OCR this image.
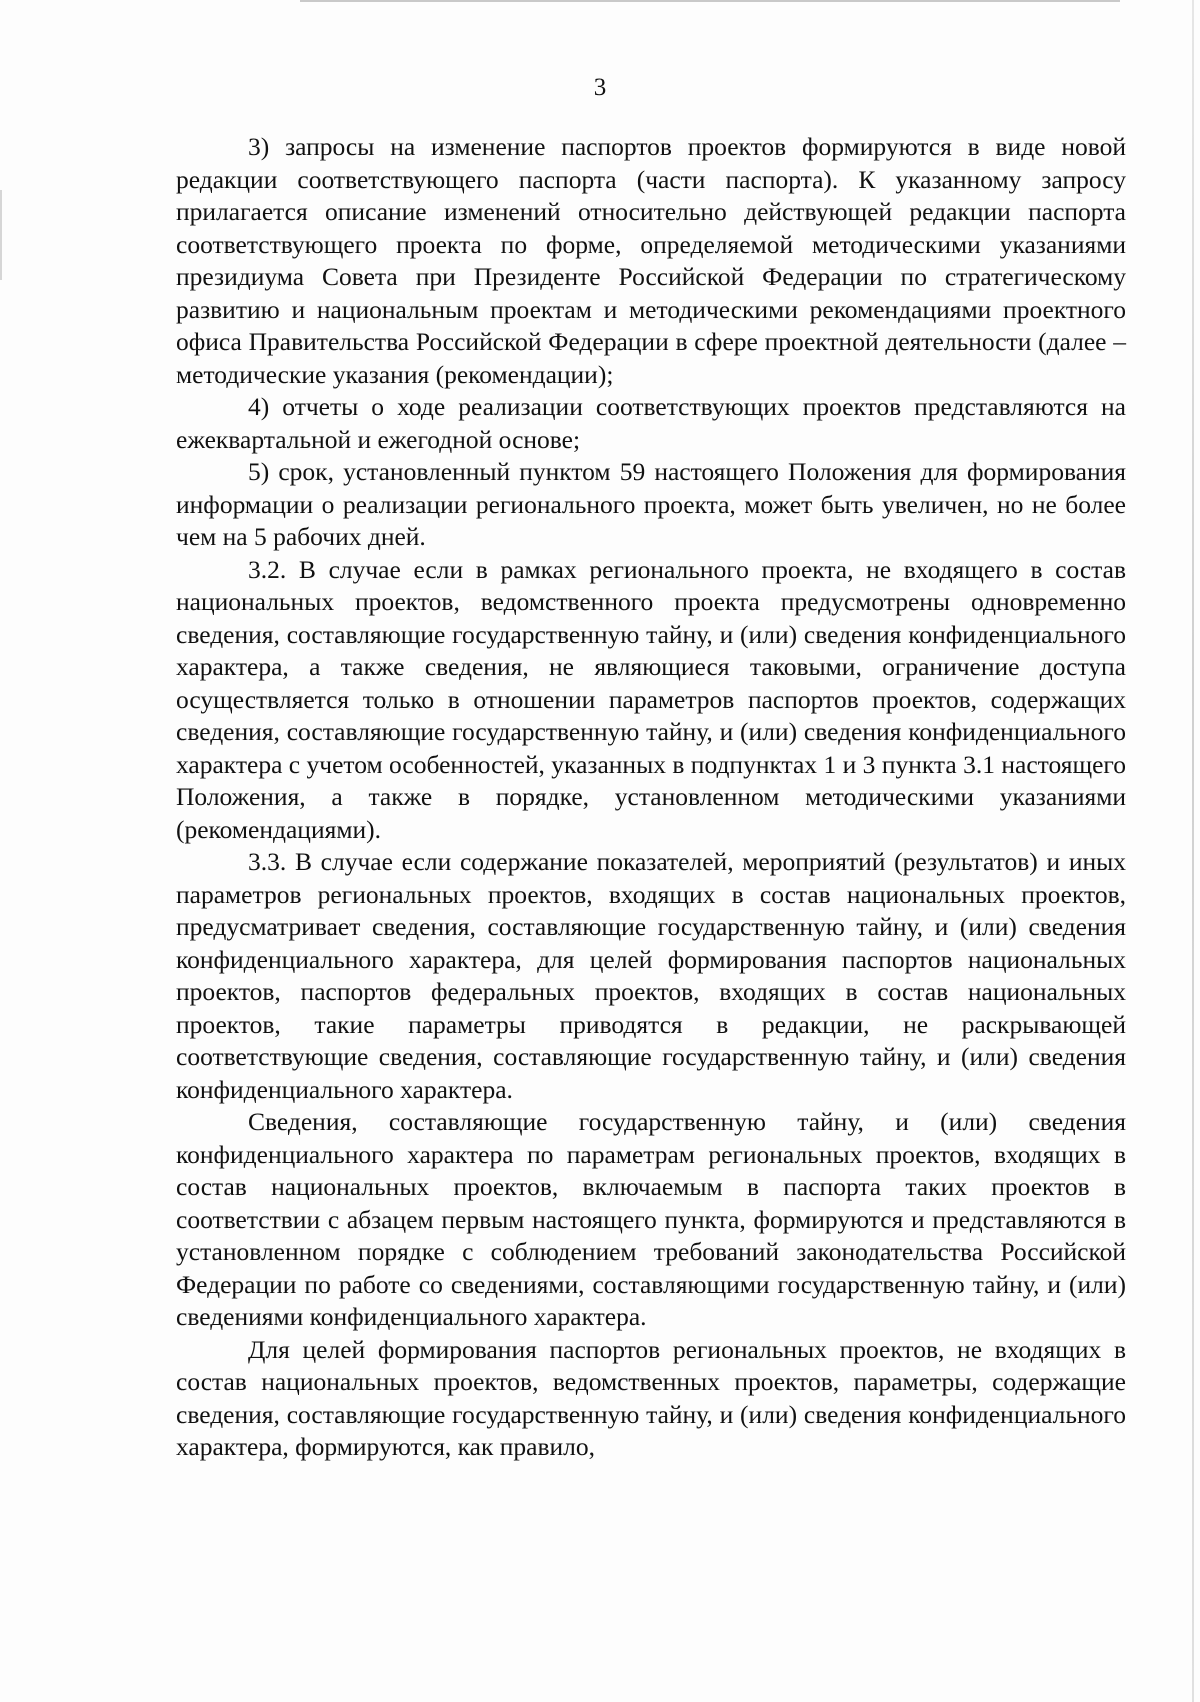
3

3) запросы на изменение паспортов проектов формируются в виде новой редакции соответствующего паспорта (части паспорта). К указанному запросу прилагается описание изменений относительно действующей редакции паспорта соответствующего проекта по форме, определяемой методическими указаниями президиума Совета при Президенте Российской Федерации по стратегическому развитию и национальным проектам и методическими рекомендациями проектного офиса Правительства Российской Федерации в сфере проектной деятельности (далее – методические указания (рекомендации);

4) отчеты о ходе реализации соответствующих проектов представляются на ежеквартальной и ежегодной основе;

5) срок, установленный пунктом 59 настоящего Положения для формирования информации о реализации регионального проекта, может быть увеличен, но не более чем на 5 рабочих дней.

3.2. В случае если в рамках регионального проекта, не входящего в состав национальных проектов, ведомственного проекта предусмотрены одновременно сведения, составляющие государственную тайну, и (или) сведения конфиденциального характера, а также сведения, не являющиеся таковыми, ограничение доступа осуществляется только в отношении параметров паспортов проектов, содержащих сведения, составляющие государственную тайну, и (или) сведения конфиденциального характера с учетом особенностей, указанных в подпунктах 1 и 3 пункта 3.1 настоящего Положения, а также в порядке, установленном методическими указаниями (рекомендациями).

3.3. В случае если содержание показателей, мероприятий (результатов) и иных параметров региональных проектов, входящих в состав национальных проектов, предусматривает сведения, составляющие государственную тайну, и (или) сведения конфиденциального характера, для целей формирования паспортов национальных проектов, паспортов федеральных проектов, входящих в состав национальных проектов, такие параметры приводятся в редакции, не раскрывающей соответствующие сведения, составляющие государственную тайну, и (или) сведения конфиденциального характера.

Сведения, составляющие государственную тайну, и (или) сведения конфиденциального характера по параметрам региональных проектов, входящих в состав национальных проектов, включаемым в паспорта таких проектов в соответствии с абзацем первым настоящего пункта, формируются и представляются в установленном порядке с соблюдением требований законодательства Российской Федерации по работе со сведениями, составляющими государственную тайну, и (или) сведениями конфиденциального характера.

Для целей формирования паспортов региональных проектов, не входящих в состав национальных проектов, ведомственных проектов, параметры, содержащие сведения, составляющие государственную тайну, и (или) сведения конфиденциального характера, формируются, как правило,
